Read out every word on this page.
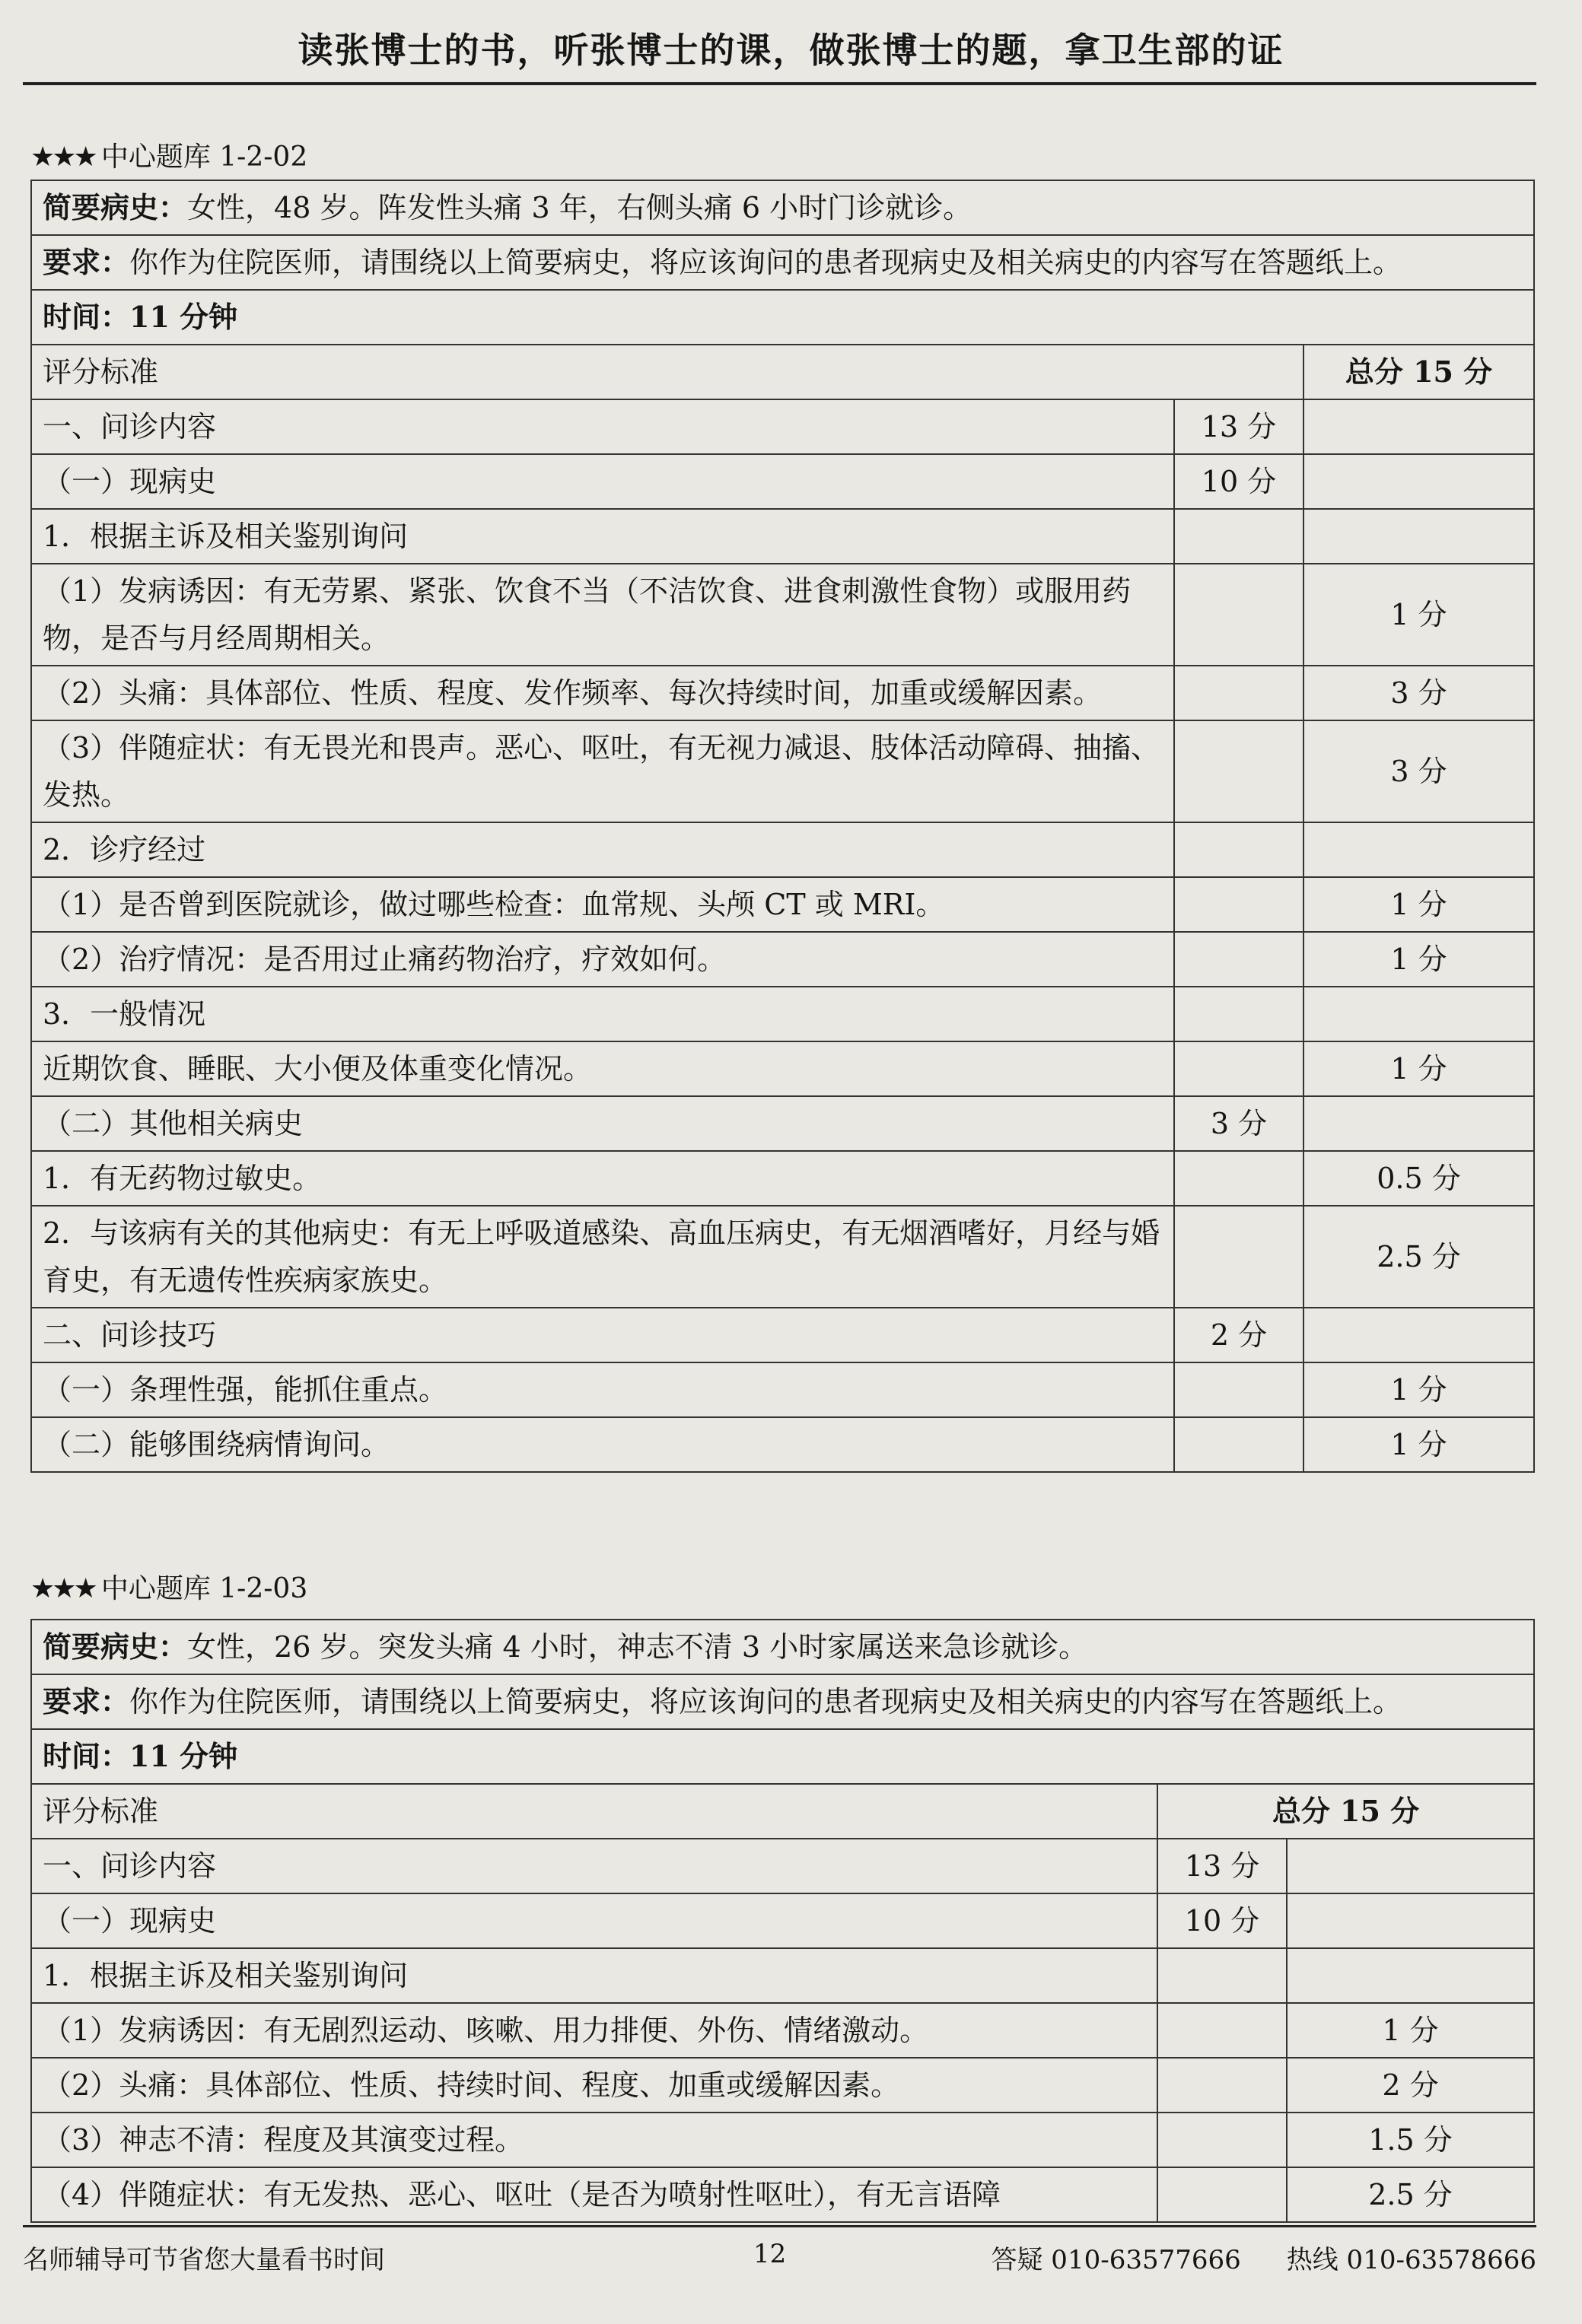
读张博士的书，听张博士的课，做张博士的题，拿卫生部的证
★★★ 中心题库 1-2-02
简要病史：女性，48 岁。阵发性头痛 3 年，右侧头痛 6 小时门诊就诊。		
要求：你作为住院医师，请围绕以上简要病史，将应该询问的患者现病史及相关病史的内容写在答题纸上。		
时间：11 分钟		
评分标准		总分 15 分
一、问诊内容	13 分	
（一）现病史	10 分	
1．根据主诉及相关鉴别询问		
（1）发病诱因：有无劳累、紧张、饮食不当（不洁饮食、进食刺激性食物）或服用药物，是否与月经周期相关。		1 分
（2）头痛：具体部位、性质、程度、发作频率、每次持续时间，加重或缓解因素。		3 分
（3）伴随症状：有无畏光和畏声。恶心、呕吐，有无视力减退、肢体活动障碍、抽搐、发热。		3 分
2．诊疗经过		
（1）是否曾到医院就诊，做过哪些检查：血常规、头颅 CT 或 MRI。		1 分
（2）治疗情况：是否用过止痛药物治疗，疗效如何。		1 分
3．一般情况		
近期饮食、睡眠、大小便及体重变化情况。		1 分
（二）其他相关病史	3 分	
1．有无药物过敏史。		0.5 分
2．与该病有关的其他病史：有无上呼吸道感染、高血压病史，有无烟酒嗜好，月经与婚育史，有无遗传性疾病家族史。		2.5 分
二、问诊技巧	2 分	
（一）条理性强，能抓住重点。		1 分
（二）能够围绕病情询问。		1 分
★★★ 中心题库 1-2-03
简要病史：女性，26 岁。突发头痛 4 小时，神志不清 3 小时家属送来急诊就诊。		
要求：你作为住院医师，请围绕以上简要病史，将应该询问的患者现病史及相关病史的内容写在答题纸上。		
时间：11 分钟		
评分标准	总分 15 分	
一、问诊内容	13 分	
（一）现病史	10 分	
1．根据主诉及相关鉴别询问		
（1）发病诱因：有无剧烈运动、咳嗽、用力排便、外伤、情绪激动。		1 分
（2）头痛：具体部位、性质、持续时间、程度、加重或缓解因素。		2 分
（3）神志不清：程度及其演变过程。		1.5 分
（4）伴随症状：有无发热、恶心、呕吐（是否为喷射性呕吐），有无言语障		2.5 分
名师辅导可节省您大量看书时间	12	答疑 010-63577666 热线 010-63578666
